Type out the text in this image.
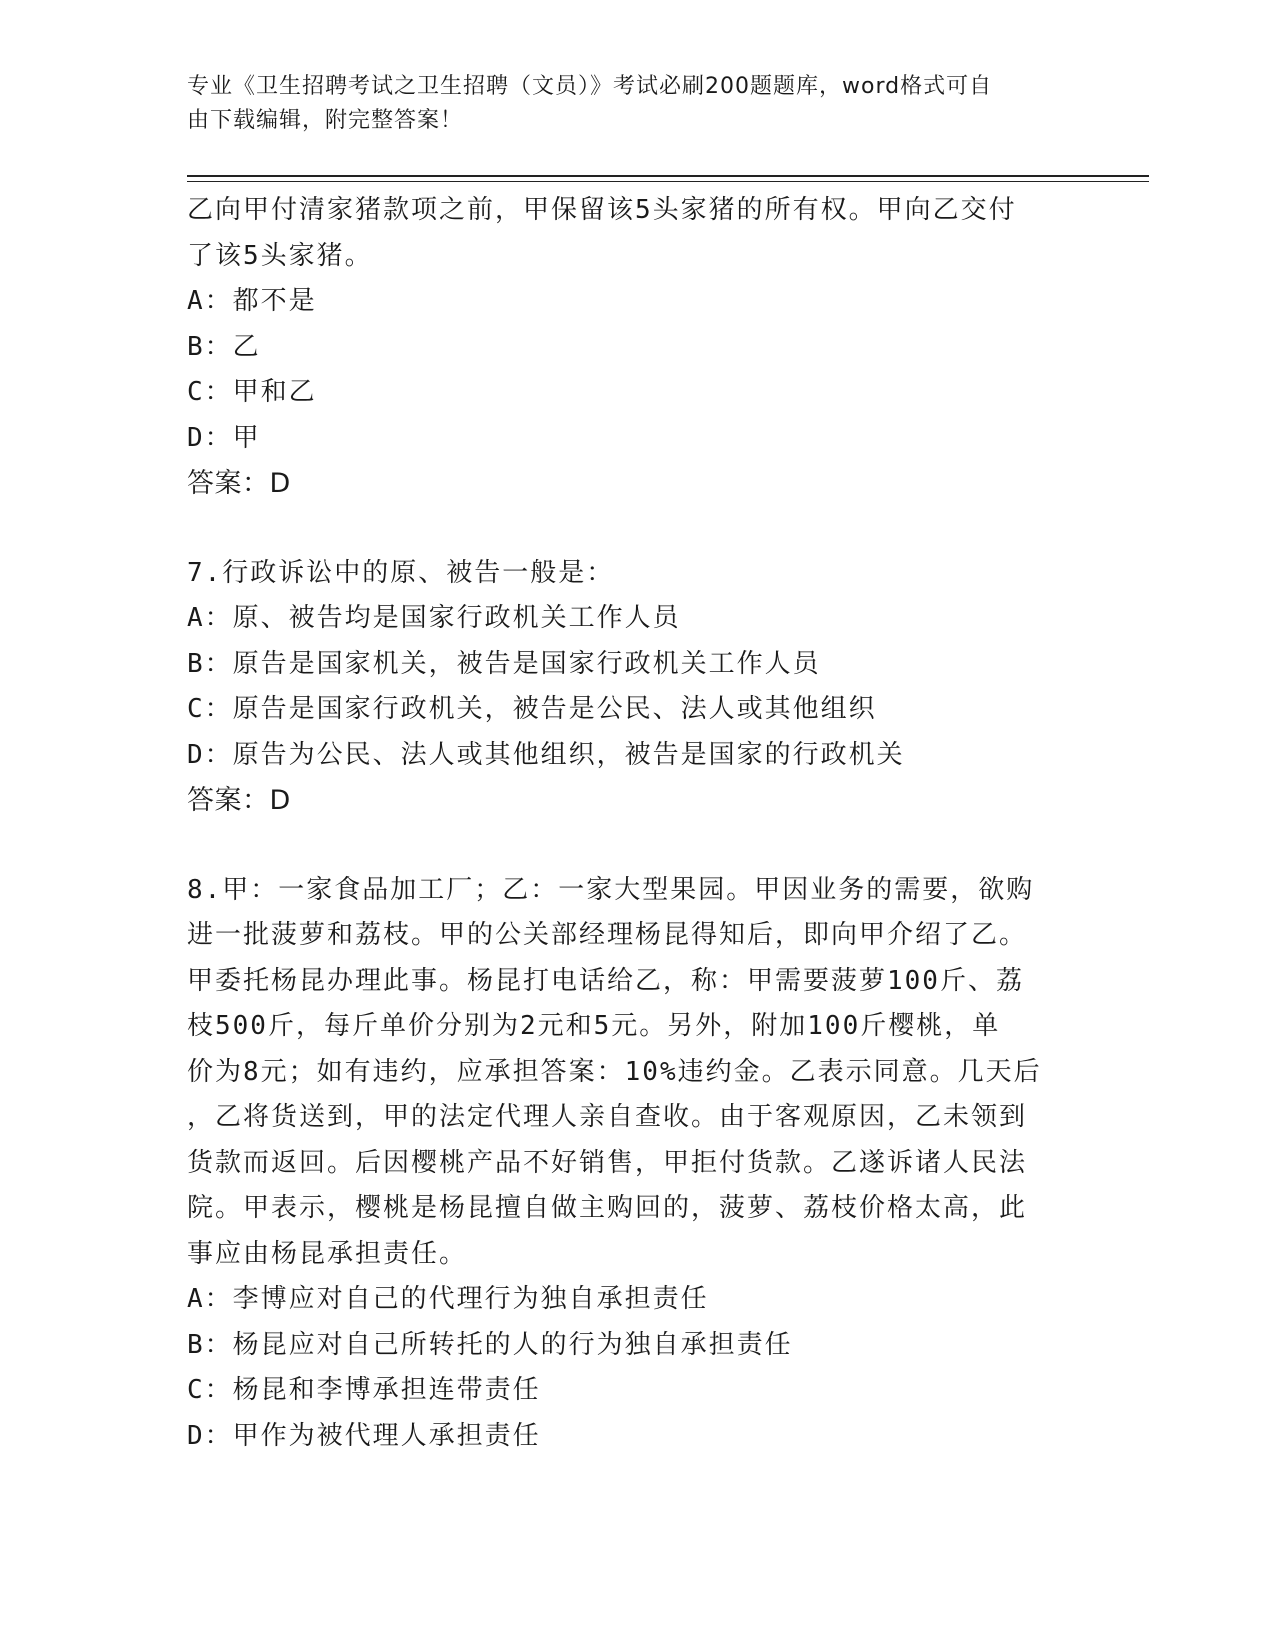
专业《卫生招聘考试之卫生招聘（文员）》考试必刷200题题库，word格式可自
由下载编辑，附完整答案！
乙向甲付清家猪款项之前，甲保留该5头家猪的所有权。甲向乙交付
了该5头家猪。
A：都不是
B：乙
C：甲和乙
D：甲
答案：D
7.行政诉讼中的原、被告一般是：
A：原、被告均是国家行政机关工作人员
B：原告是国家机关，被告是国家行政机关工作人员
C：原告是国家行政机关，被告是公民、法人或其他组织
D：原告为公民、法人或其他组织，被告是国家的行政机关
答案：D
8.甲：一家食品加工厂；乙：一家大型果园。甲因业务的需要，欲购
进一批菠萝和荔枝。甲的公关部经理杨昆得知后，即向甲介绍了乙。
甲委托杨昆办理此事。杨昆打电话给乙，称：甲需要菠萝100斤、荔
枝500斤，每斤单价分别为2元和5元。另外，附加100斤樱桃，单
价为8元；如有违约，应承担答案：10%违约金。乙表示同意。几天后
，乙将货送到，甲的法定代理人亲自查收。由于客观原因，乙未领到
货款而返回。后因樱桃产品不好销售，甲拒付货款。乙遂诉诸人民法
院。甲表示，樱桃是杨昆擅自做主购回的，菠萝、荔枝价格太高，此
事应由杨昆承担责任。
A：李博应对自己的代理行为独自承担责任
B：杨昆应对自己所转托的人的行为独自承担责任
C：杨昆和李博承担连带责任
D：甲作为被代理人承担责任
